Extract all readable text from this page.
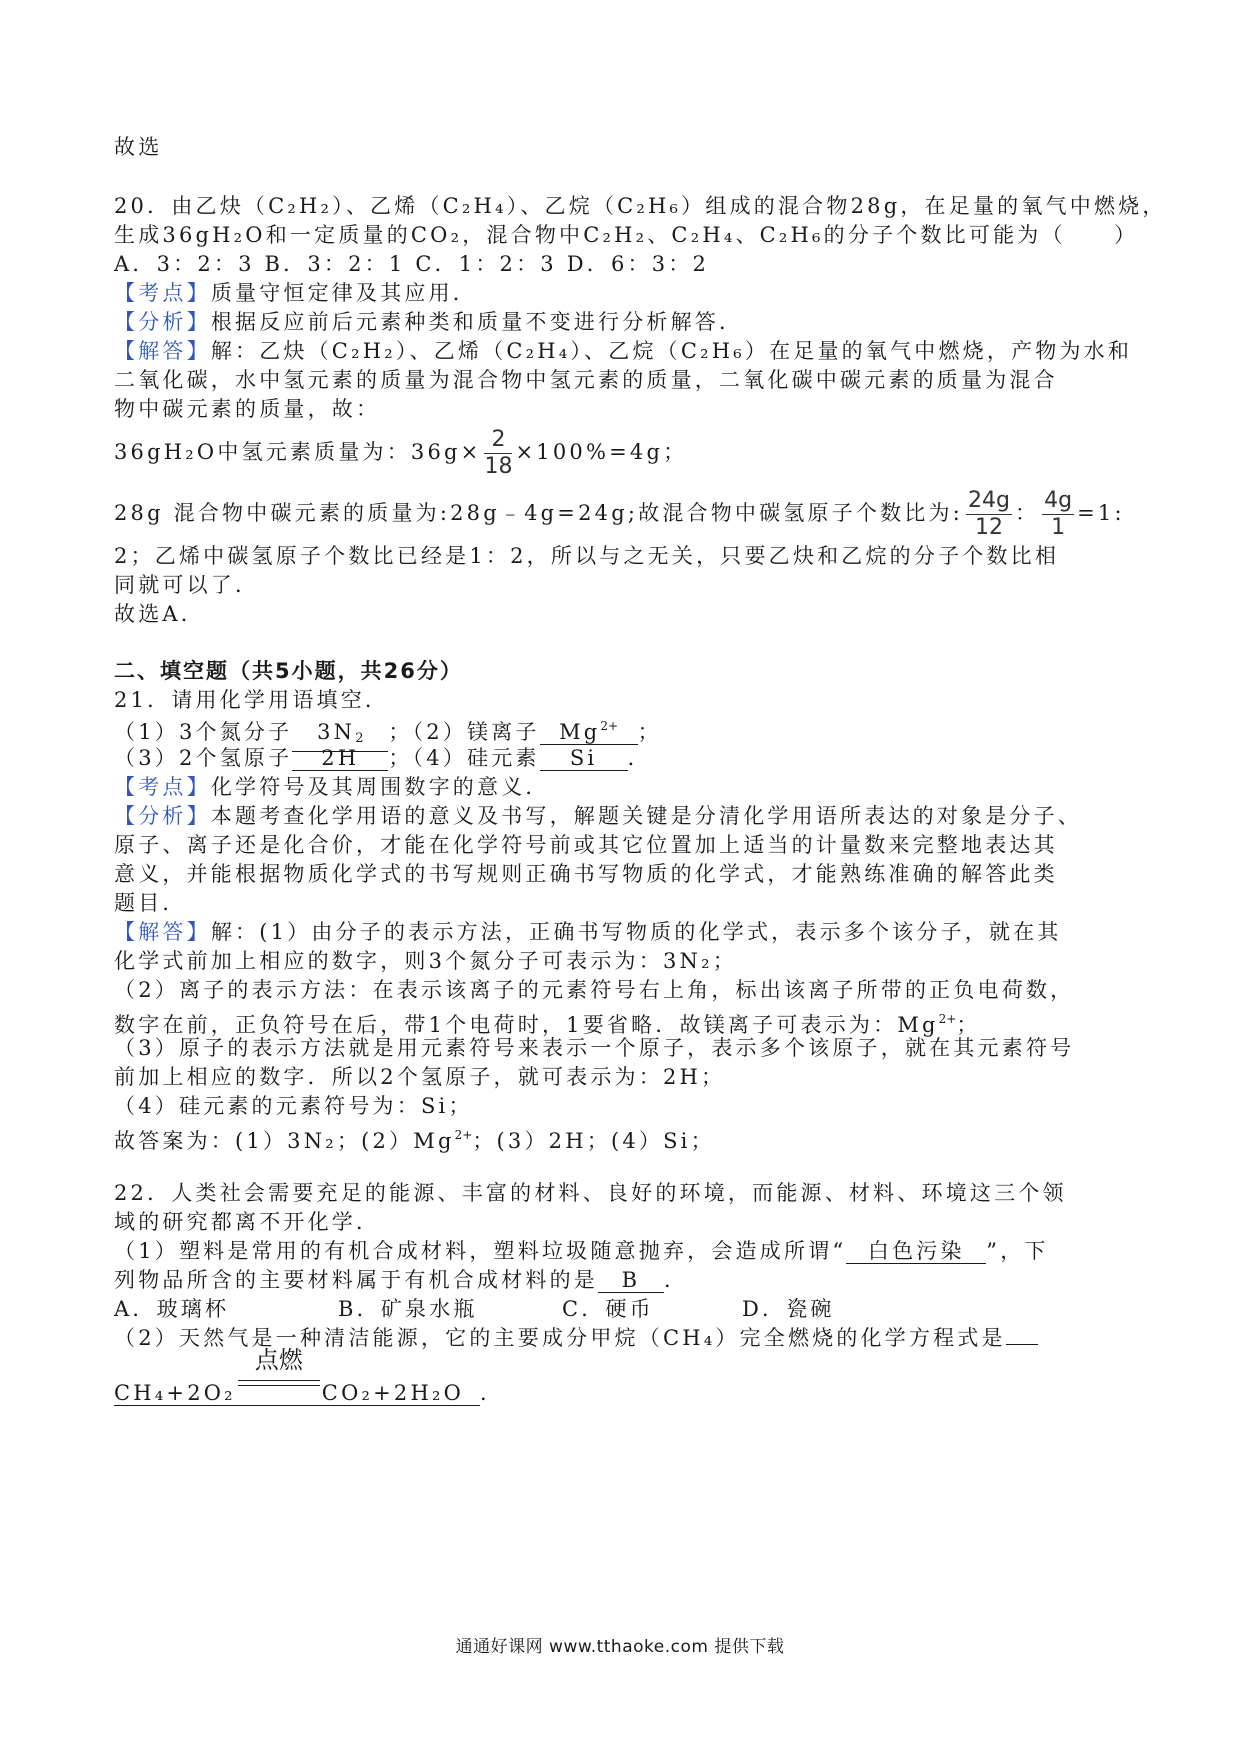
故选
20．由乙炔（C₂H₂）、乙烯（C₂H₄）、乙烷（C₂H₆）组成的混合物28g，在足量的氧气中燃烧，
生成36gH₂O和一定质量的CO₂，混合物中C₂H₂、C₂H₄、C₂H₆的分子个数比可能为（　　）
A．3：2：3 B．3：2：1 C．1：2：3 D．6：3：2
【考点】质量守恒定律及其应用．
【分析】根据反应前后元素种类和质量不变进行分析解答．
【解答】解：乙炔（C₂H₂）、乙烯（C₂H₄）、乙烷（C₂H₆）在足量的氧气中燃烧，产物为水和
二氧化碳，水中氢元素的质量为混合物中氢元素的质量，二氧化碳中碳元素的质量为混合
物中碳元素的质量，故：
36gH₂O中氢元素质量为：$36g\times \frac{2}{18} \times 100\%=4g$；
28g 混合物中碳元素的质量为:28g﹣4g=24g;故混合物中碳氢原子个数比为: $\frac{24g}{12}$ ： $\frac{4g}{1} =1$:
2；乙烯中碳氢原子个数比已经是1：2，所以与之无关，只要乙炔和乙烷的分子个数比相
同就可以了．
故选A．
二、填空题（共5小题，共26分）
21．请用化学用语填空．
（1）3个氮分子 $3N_2$ ；（2）镁离子 $Mg^{2+}$ ；
（3）2个氢原子 2H ；（4）硅元素 Si ．
【考点】化学符号及其周围数字的意义．
【分析】本题考查化学用语的意义及书写，解题关键是分清化学用语所表达的对象是分子、
原子、离子还是化合价，才能在化学符号前或其它位置加上适当的计量数来完整地表达其
意义，并能根据物质化学式的书写规则正确书写物质的化学式，才能熟练准确的解答此类
题目．
【解答】解：(1）由分子的表示方法，正确书写物质的化学式，表示多个该分子，就在其
化学式前加上相应的数字，则3个氮分子可表示为：3N₂；
（2）离子的表示方法：在表示该离子的元素符号右上角，标出该离子所带的正负电荷数，
数字在前，正负符号在后，带1个电荷时，1要省略．故镁离子可表示为：$Mg^{2+}$；
（3）原子的表示方法就是用元素符号来表示一个原子，表示多个该原子，就在其元素符号
前加上相应的数字．所以2个氢原子，就可表示为：2H；
（4）硅元素的元素符号为：Si；
故答案为：(1）3N₂；$(2)Mg^{2+}$；(3）2H；(4）Si；
22．人类社会需要充足的能源、丰富的材料、良好的环境，而能源、材料、环境这三个领
域的研究都离不开化学．
（1）塑料是常用的有机合成材料，塑料垃圾随意抛弃，会造成所谓“ 白色污染 ”，下
列物品所含的主要材料属于有机合成材料的是 B ．
A．玻璃杯	B．矿泉水瓶	C．硬币	D．瓷碗
（2）天然气是一种清洁能源，它的主要成分甲烷（CH₄）完全燃烧的化学方程式是
CH₄+2O₂
点燃
CO₂+2H₂O ．
通通好课网 www.tthaoke.com 提供下载
